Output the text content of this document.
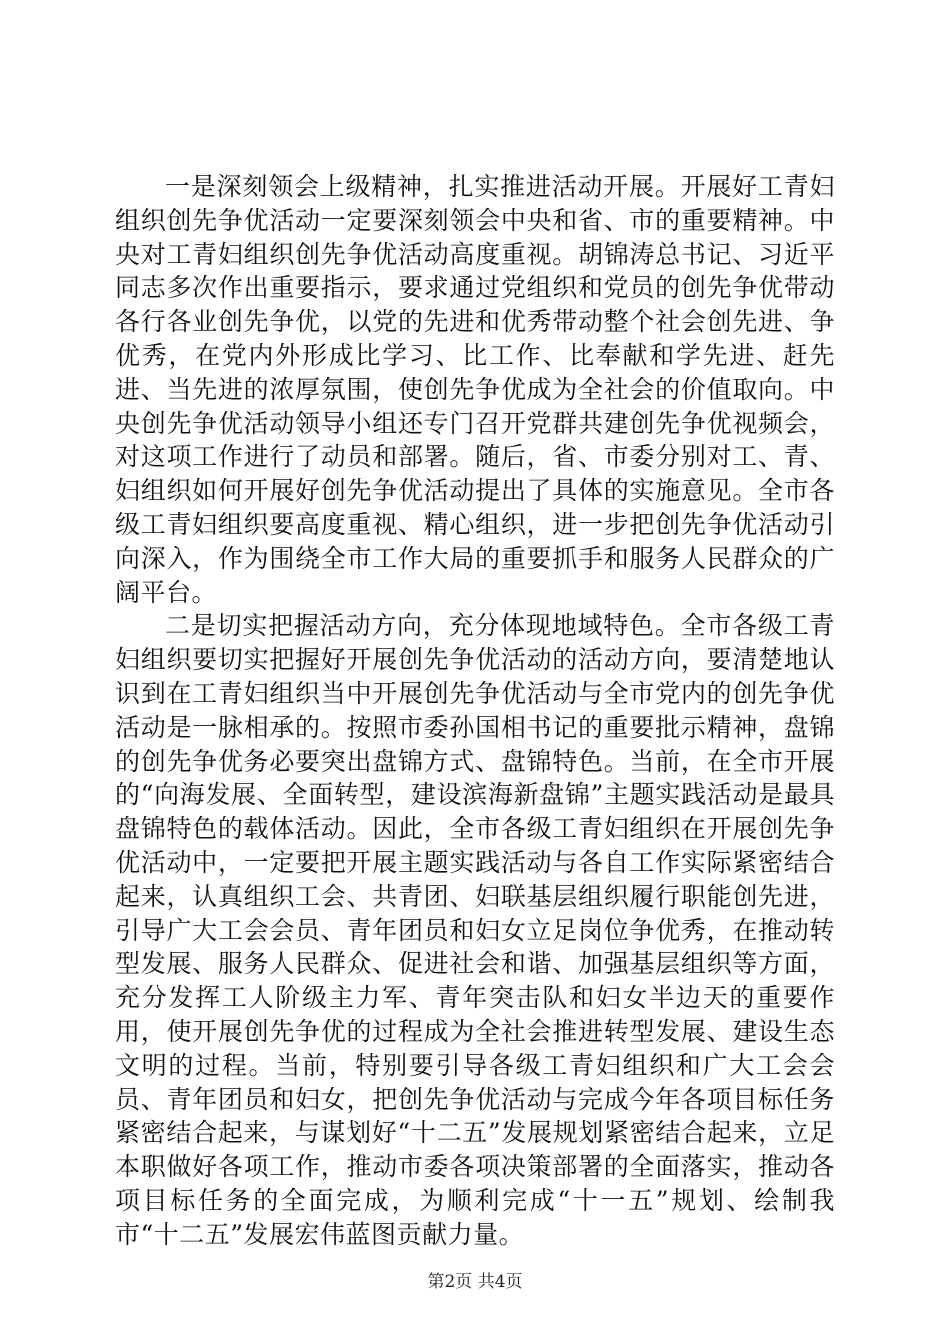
一是深刻领会上级精神，扎实推进活动开展。开展好工青妇组织创先争优活动一定要深刻领会中央和省、市的重要精神。中央对工青妇组织创先争优活动高度重视。胡锦涛总书记、习近平同志多次作出重要指示，要求通过党组织和党员的创先争优带动各行各业创先争优，以党的先进和优秀带动整个社会创先进、争优秀，在党内外形成比学习、比工作、比奉献和学先进、赶先进、当先进的浓厚氛围，使创先争优成为全社会的价值取向。中央创先争优活动领导小组还专门召开党群共建创先争优视频会，对这项工作进行了动员和部署。随后，省、市委分别对工、青、妇组织如何开展好创先争优活动提出了具体的实施意见。全市各级工青妇组织要高度重视、精心组织，进一步把创先争优活动引向深入，作为围绕全市工作大局的重要抓手和服务人民群众的广阔平台。

二是切实把握活动方向，充分体现地域特色。全市各级工青妇组织要切实把握好开展创先争优活动的活动方向，要清楚地认识到在工青妇组织当中开展创先争优活动与全市党内的创先争优活动是一脉相承的。按照市委孙国相书记的重要批示精神，盘锦的创先争优务必要突出盘锦方式、盘锦特色。当前，在全市开展的“向海发展、全面转型，建设滨海新盘锦”主题实践活动是最具盘锦特色的载体活动。因此，全市各级工青妇组织在开展创先争优活动中，一定要把开展主题实践活动与各自工作实际紧密结合起来，认真组织工会、共青团、妇联基层组织履行职能创先进，引导广大工会会员、青年团员和妇女立足岗位争优秀，在推动转型发展、服务人民群众、促进社会和谐、加强基层组织等方面，充分发挥工人阶级主力军、青年突击队和妇女半边天的重要作用，使开展创先争优的过程成为全社会推进转型发展、建设生态文明的过程。当前，特别要引导各级工青妇组织和广大工会会员、青年团员和妇女，把创先争优活动与完成今年各项目标任务紧密结合起来，与谋划好“十二五”发展规划紧密结合起来，立足本职做好各项工作，推动市委各项决策部署的全面落实，推动各项目标任务的全面完成，为顺利完成“十一五”规划、绘制我市“十二五”发展宏伟蓝图贡献力量。

第2页 共4页
